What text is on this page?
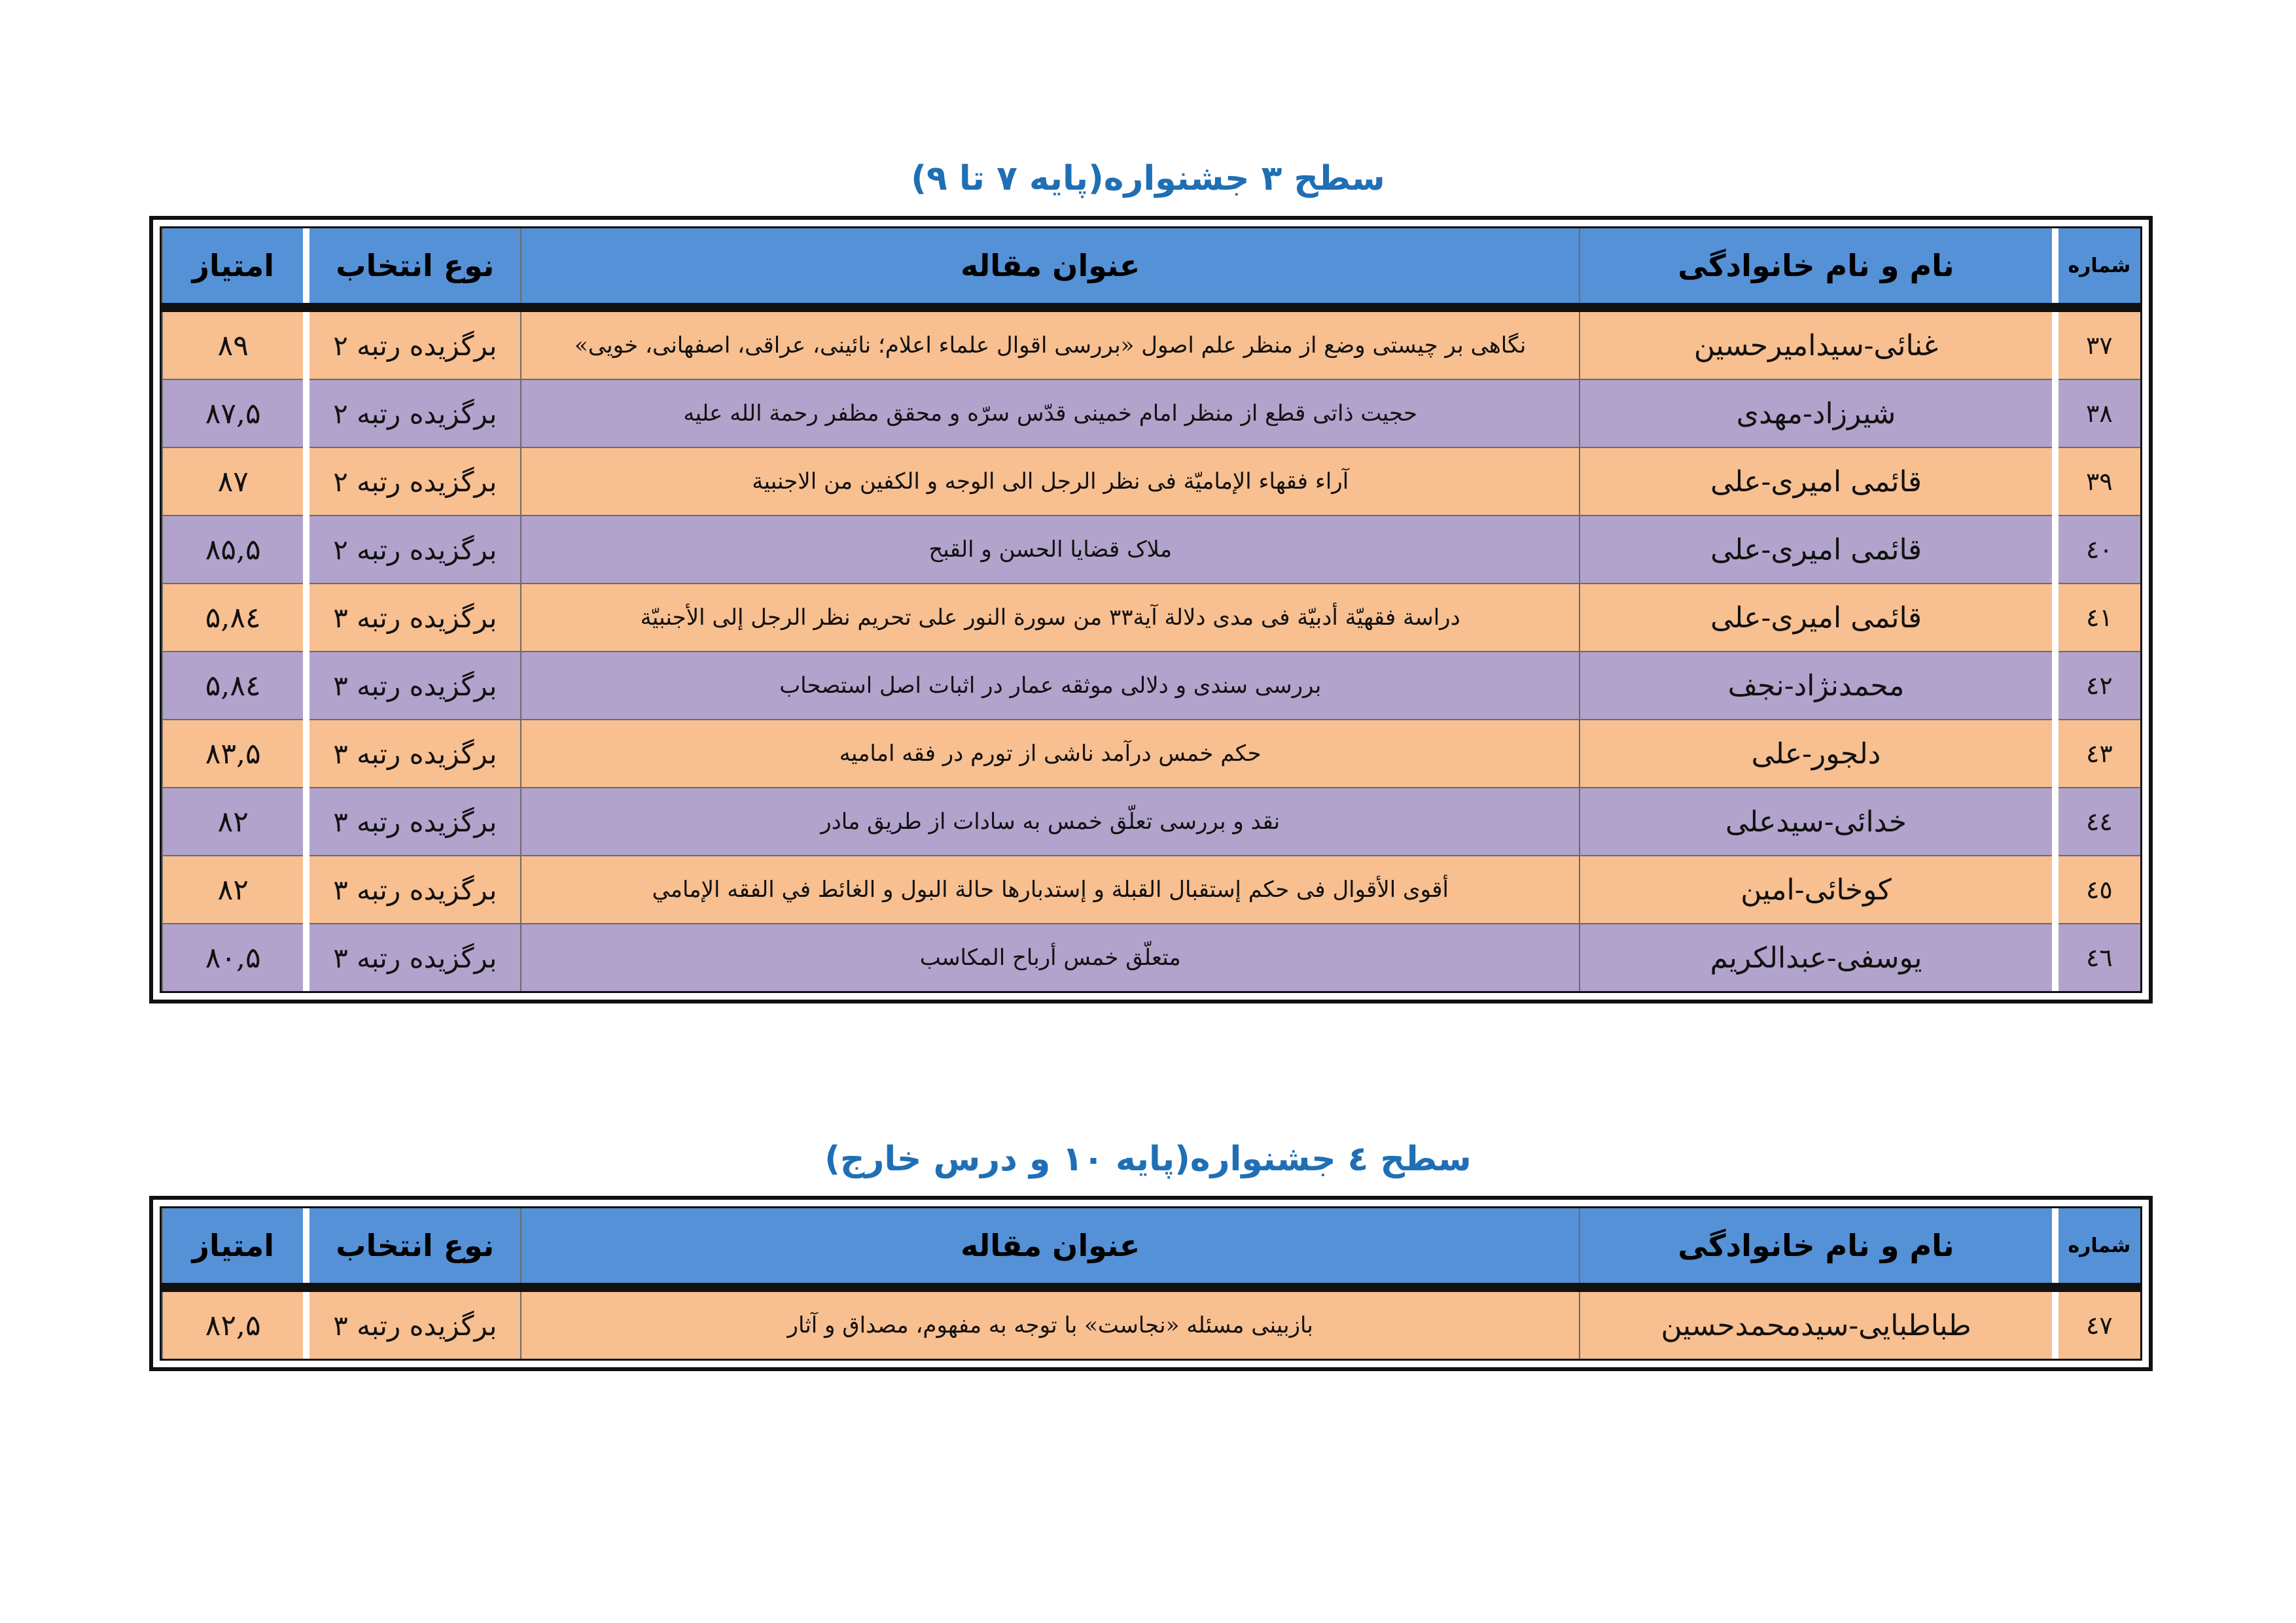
سطح ۳ جشنواره(پایه ۷ تا ۹)
شماره	نام و نام خانوادگی	عنوان مقاله	نوع انتخاب	امتیاز
۳۷	غنائی-سیدامیرحسین	نگاهی بر چیستی وضع از منظر علم اصول «بررسی اقوال علماء اعلام؛ نائینی، عراقی، اصفهانی، خویی»	برگزیده رتبه ۲	۸۹
۳۸	شیرزاد-مهدی	حجیت ذاتی قطع از منظر امام خمینی قدّس سرّه و محقق مظفر رحمة الله علیه	برگزیده رتبه ۲	۸۷,۵
۳۹	قائمی امیری-علی	آراء فقهاء الإمامیّة فی نظر الرجل الی الوجه و الکفین من الاجنبیة	برگزیده رتبه ۲	۸۷
٤٠	قائمی امیری-علی	ملاک قضایا الحسن و القبح	برگزیده رتبه ۲	۸۵,۵
٤١	قائمی امیری-علی	دراسة فقهیّة أدبیّة فی مدی دلالة آیة۳۳ من سورة النور علی تحریم نظر الرجل إلی الأجنبیّة	برگزیده رتبه ۳	۸٤,۵
٤۲	محمدنژاد-نجف	بررسی سندی و دلالی موثقه عمار در اثبات اصل استصحاب	برگزیده رتبه ۳	۸٤,۵
٤۳	دلجور-علی	حکم خمس درآمد ناشی از تورم در فقه امامیه	برگزیده رتبه ۳	۸۳,۵
٤٤	خدائی-سیدعلی	نقد و بررسی تعلّق خمس به سادات از طریق مادر	برگزیده رتبه ۳	۸۲
٤٥	کوخائی-امین	أقوی الأقوال فی حکم إستقبال القبلة و إستدبارها حالة البول و الغائط في الفقه الإمامي	برگزیده رتبه ۳	۸۲
٤٦	یوسفی-عبدالکریم	متعلّق خمس أرباح المکاسب	برگزیده رتبه ۳	۸۰,۵
سطح ٤ جشنواره(پایه ۱۰ و درس خارج)
شماره	نام و نام خانوادگی	عنوان مقاله	نوع انتخاب	امتیاز
٤۷	طباطبایی-سیدمحمدحسین	بازبینی مسئله «نجاست» با توجه به مفهوم، مصداق و آثار	برگزیده رتبه ۳	۸۲,۵
